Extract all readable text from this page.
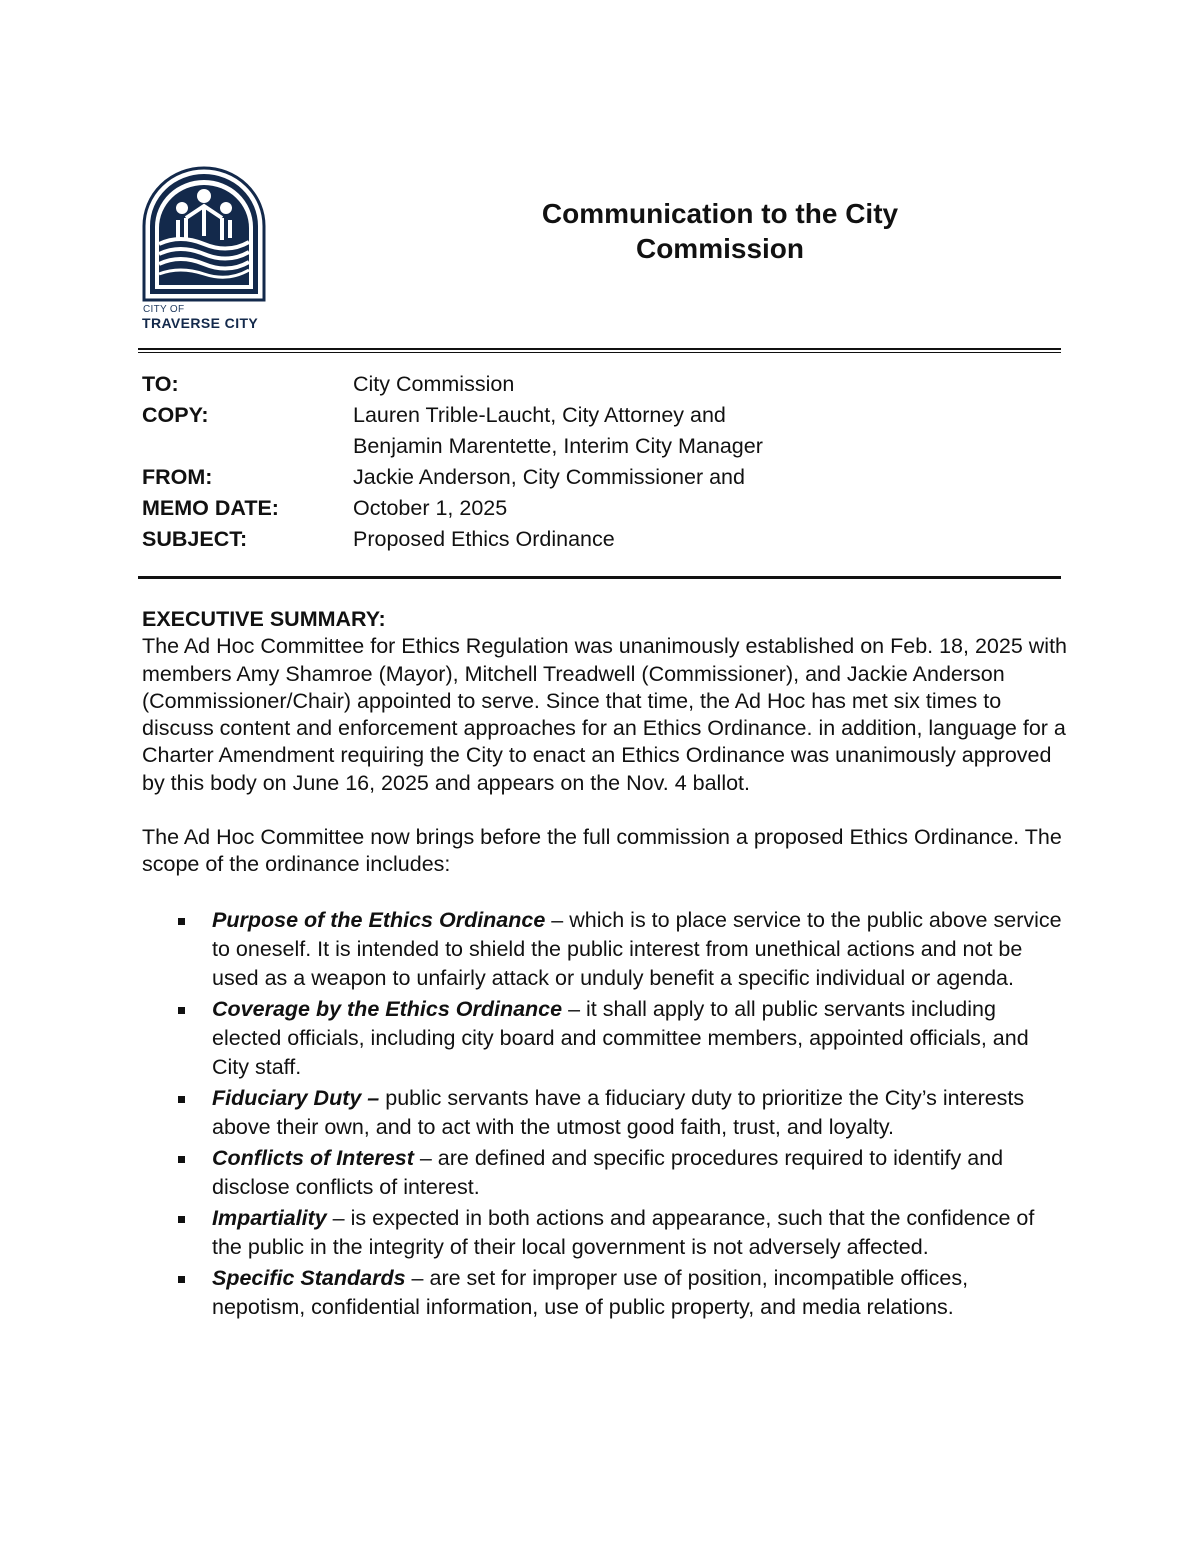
CITY OF
TRAVERSE CITY
Communication to the City
Commission
TO:	City Commission
COPY:	Lauren Trible-Laucht, City Attorney and
Benjamin Marentette, Interim City Manager
FROM:	Jackie Anderson, City Commissioner and
MEMO DATE:	October 1, 2025
SUBJECT:	Proposed Ethics Ordinance
EXECUTIVE SUMMARY:

The Ad Hoc Committee for Ethics Regulation was unanimously established on Feb. 18, 2025 with members Amy Shamroe (Mayor), Mitchell Treadwell (Commissioner), and Jackie Anderson (Commissioner/Chair) appointed to serve. Since that time, the Ad Hoc has met six times to discuss content and enforcement approaches for an Ethics Ordinance. in addition, language for a Charter Amendment requiring the City to enact an Ethics Ordinance was unanimously approved by this body on June 16, 2025 and appears on the Nov. 4 ballot.

The Ad Hoc Committee now brings before the full commission a proposed Ethics Ordinance. The scope of the ordinance includes:

Purpose of the Ethics Ordinance – which is to place service to the public above service to oneself. It is intended to shield the public interest from unethical actions and not be used as a weapon to unfairly attack or unduly benefit a specific individual or agenda.
Coverage by the Ethics Ordinance – it shall apply to all public servants including elected officials, including city board and committee members, appointed officials, and City staff.
Fiduciary Duty – public servants have a fiduciary duty to prioritize the City’s interests above their own, and to act with the utmost good faith, trust, and loyalty.
Conflicts of Interest – are defined and specific procedures required to identify and disclose conflicts of interest.
Impartiality – is expected in both actions and appearance, such that the confidence of the public in the integrity of their local government is not adversely affected.
Specific Standards – are set for improper use of position, incompatible offices, nepotism, confidential information, use of public property, and media relations.
